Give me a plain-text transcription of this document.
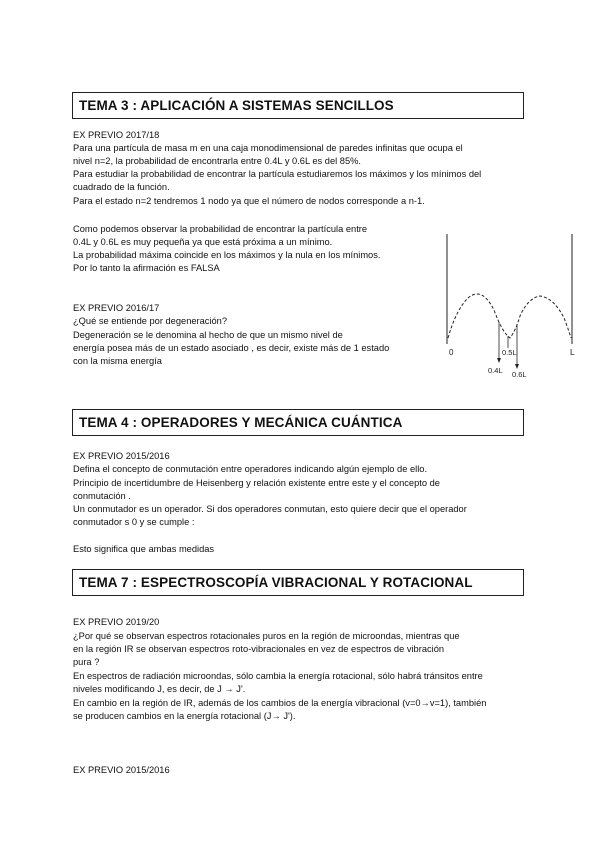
TEMA 3 : APLICACIÓN A SISTEMAS SENCILLOS
EX PREVIO 2017/18
Para una partícula de masa m en una caja monodimensional de paredes infinitas que ocupa el
nivel n=2, la probabilidad de encontrarla entre 0.4L y 0.6L es del 85%.
Para estudiar la probabilidad de encontrar la partícula estudiaremos los máximos y los mínimos del
cuadrado de la función.
Para el estado n=2 tendremos 1 nodo ya que el número de nodos corresponde a n-1.
Como podemos observar la probabilidad de encontrar la partícula entre
0.4L y 0.6L es muy pequeña ya que está próxima a un mínimo.
La probabilidad máxima coincide en los máximos y la nula en los mínimos.
Por lo tanto la afirmación es FALSA
EX PREVIO 2016/17
¿Qué se entiende por degeneración?
Degeneración se le denomina al hecho de que un mismo nivel de
energía posea más de un estado asociado , es decir, existe más de 1 estado
con la misma energía
0	L
0.5L
0.4L 0.6L
TEMA 4 : OPERADORES Y MECÁNICA CUÁNTICA
EX PREVIO 2015/2016
Defina el concepto de conmutación entre operadores indicando algún ejemplo de ello.
Principio de incertidumbre de Heisenberg y relación existente entre este y el concepto de
conmutación .
Un conmutador es un operador. Si dos operadores conmutan, esto quiere decir que el operador
conmutador s 0 y se cumple :
Esto significa que ambas medidas
TEMA 7 : ESPECTROSCOPÍA VIBRACIONAL Y ROTACIONAL
EX PREVIO 2019/20
¿Por qué se observan espectros rotacionales puros en la región de microondas, mientras que
en la región IR se observan espectros roto-vibracionales en vez de espectros de vibración
pura ?
En espectros de radiación microondas, sólo cambia la energía rotacional, sólo habrá tránsitos entre
niveles modificando J, es decir, de J → J'.
En cambio en la región de IR, además de los cambios de la energía vibracional (v=0→v=1), también
se producen cambios en la energía rotacional (J→ J').
EX PREVIO 2015/2016
